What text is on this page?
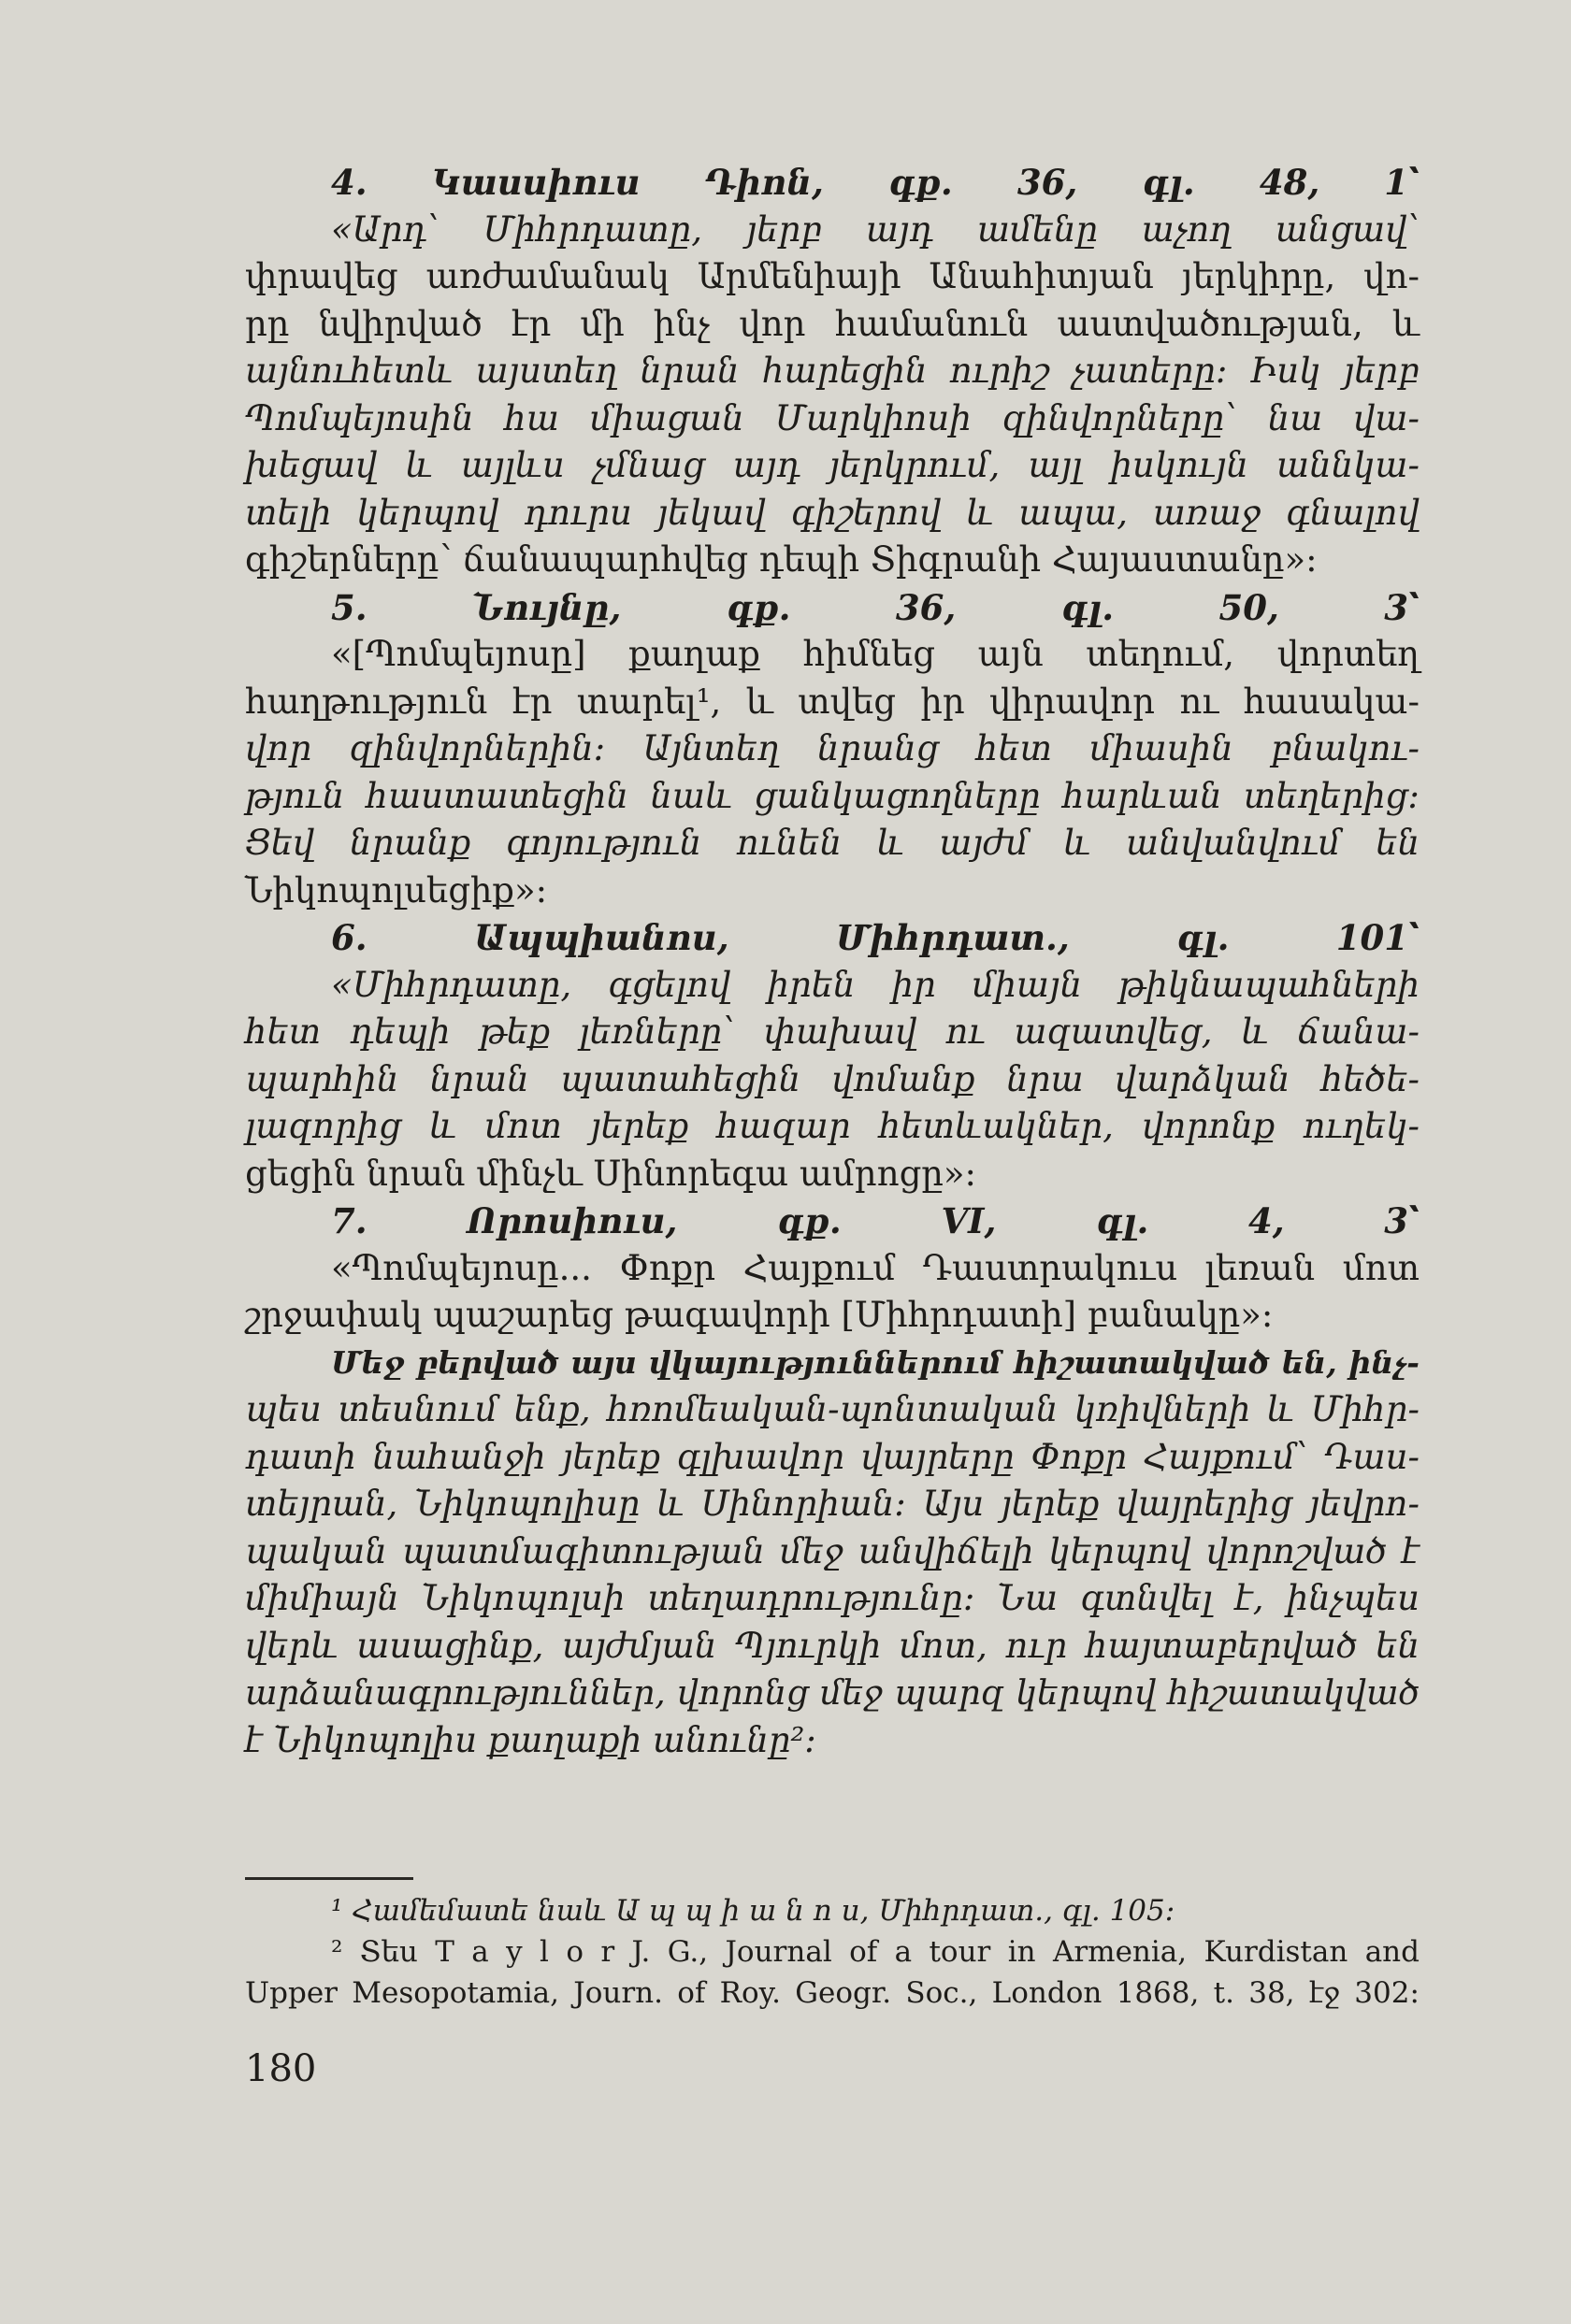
4. Կասսիուս Դիոն, գք. 36, գլ. 48, 1՝
«Արդ՝ Միհրդատը, յերբ այդ ամենը աչող անցավ՝
փրավեց առժամանակ Արմենիայի Անաhիտյան յերկիրը, վո-
րը նվիրված էր մի ինչ վոր hամանուն աստվածության, և
այնուհետև այստեղ նրան hարեցին ուրիշ չատերը։ Իսկ յերբ
Պոմպեյոսին հա միացան Մարկիոսի զինվորները՝ նա վա-
խեցավ և այլևս չմնաց այդ յերկրում, այլ իսկույն աննկա-
տելի կերպով դուրս յեկավ գիշերով և ապա, առաջ գնալով
գիշերները՝ ճանապարհվեց դեպի Տիգրանի Հայաստանը»։
5. Նույնը, գք. 36, գլ. 50, 3՝
«[Պոմպեյոսը] քաղաք հիմնեց այն տեղում, վորտեղ
հաղթություն էր տարել¹, և տվեց իր վիրավոր ու հասակա-
վոր զինվորներին։ Այնտեղ նրանց հետ միասին բնակու-
թյուն հաստատեցին նաև ցանկացողները հարևան տեղերից։
Ցեվ նրանք գոյություն ունեն և այժմ և անվանվում են
Նիկոպոլսեցիք»։
6. Ապպիանոս, Միհրդատ., գլ. 101՝
«Միհրդատը, գցելով իրեն իր միայն թիկնապահների
հետ դեպի թեք լեռները՝ փախավ ու ազատվեց, և ճանա-
պարհին նրան պատահեցին վոմանք նրա վարձկան հեծե-
լազորից և մոտ յերեք հազար հետևակներ, վորոնք ուղեկ-
ցեցին նրան մինչև Սինորեգա ամրոցը»։
7. Որոսիուս, գք. VI, գլ. 4, 3՝
«Պոմպեյոսը... Փոքր Հայքում Դաստրակուս լեռան մոտ
շրջափակ պաշարեց թագավորի [Միհրդատի] բանակը»։
Մեջ բերված այս վկայություններում հիշատակված են, ինչ-
պես տեսնում ենք, հռոմեական-պոնտական կռիվների և Միհր-
դատի նահանջի յերեք գլխավոր վայրերը Փոքր Հայքում՝ Դաս-
տեյրան, Նիկոպոլիսը և Սինորիան։ Այս յերեք վայրերից յեվրո-
պական պատմագիտության մեջ անվիճելի կերպով վորոշված է
միմիայն Նիկոպոլսի տեղադրությունը։ Նա գտնվել է, ինչպես
վերև ասացինք, այժմյան Պյուրկի մոտ, ուր հայտաբերված են
արձանագրություններ, վորոնց մեջ պարզ կերպով հիշատակված
է Նիկոպոլիս քաղաքի անունը²։
¹ Համեմատե նաև Ա պ պ ի ա ն ո ս, Միհրդատ., գլ. 105։
² Տես T a y l o r J. G., Journal of a tour in Armenia, Kurdistan and
Upper Mesopotamia, Journ. of Roy. Geogr. Soc., London 1868, t. 38, էջ 302։
180
